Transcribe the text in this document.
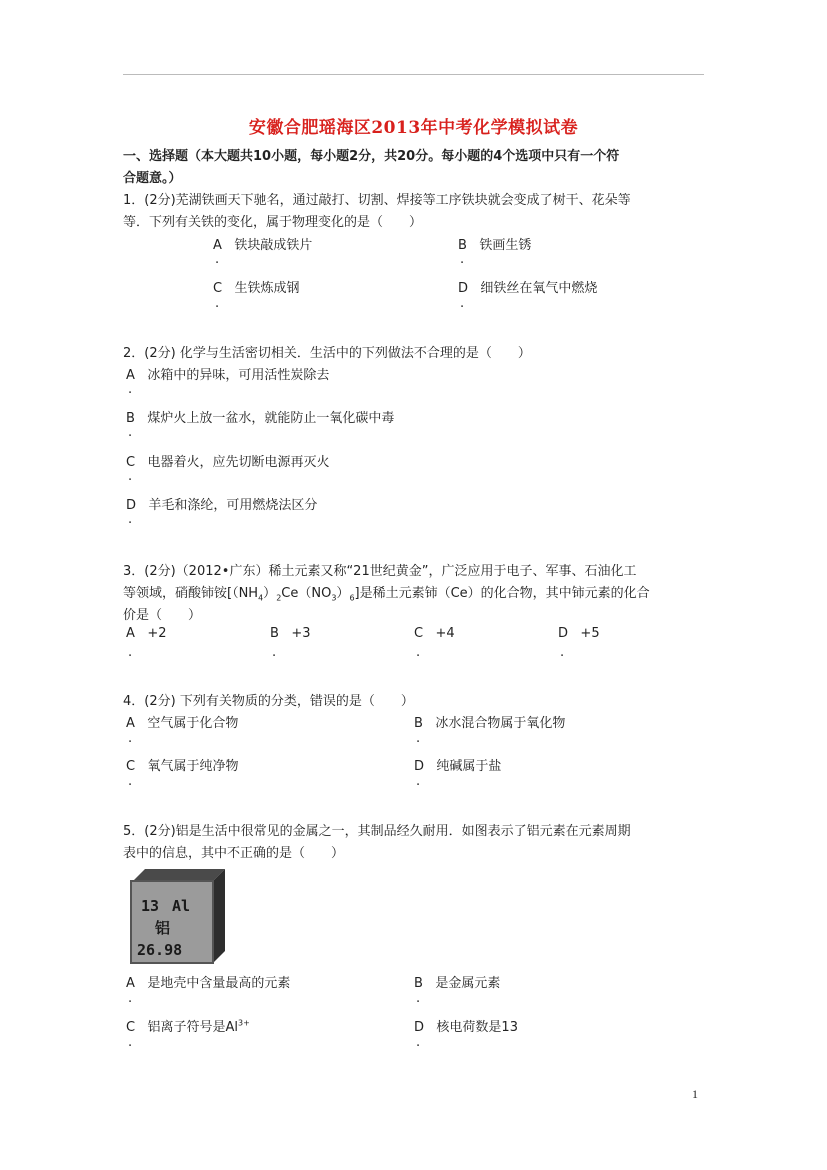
安徽合肥瑶海区2013年中考化学模拟试卷
一、选择题（本大题共10小题，每小题2分，共20分。每小题的4个选项中只有一个符
合题意。）
1．(2分)芜湖铁画天下驰名，通过敲打、切割、焊接等工序铁块就会变成了树干、花朵等
等．下列有关铁的变化，属于物理变化的是（　　）
A 铁块敲成铁片
.
B 铁画生锈
.
C 生铁炼成钢
.
D 细铁丝在氧气中燃烧
.
2．(2分) 化学与生活密切相关．生活中的下列做法不合理的是（　　）
A 冰箱中的异味，可用活性炭除去
.
B 煤炉火上放一盆水，就能防止一氧化碳中毒
.
C 电器着火，应先切断电源再灭火
.
D 羊毛和涤纶，可用燃烧法区分
.
3．(2分)（2012•广东）稀土元素又称“21世纪黄金”，广泛应用于电子、军事、石油化工
等领域，硝酸铈铵$[(NH_4)_2Ce(NO_3)_6]$是稀土元素铈（Ce）的化合物，其中铈元素的化合
价是（　　）
A +2
.
B +3
.
C +4
.
D +5
.
4．(2分) 下列有关物质的分类，错误的是（　　）
A 空气属于化合物
.
B 冰水混合物属于氧化物
.
C 氧气属于纯净物
.
D 纯碱属于盐
.
5．(2分)铝是生活中很常见的金属之一，其制品经久耐用．如图表示了铝元素在元素周期
表中的信息，其中不正确的是（　　）
13 Al
铝
26.98
A 是地壳中含量最高的元素
.
B 是金属元素
.
C 铝离子符号是$Al^{3+}$
.
D 核电荷数是13
.
1
